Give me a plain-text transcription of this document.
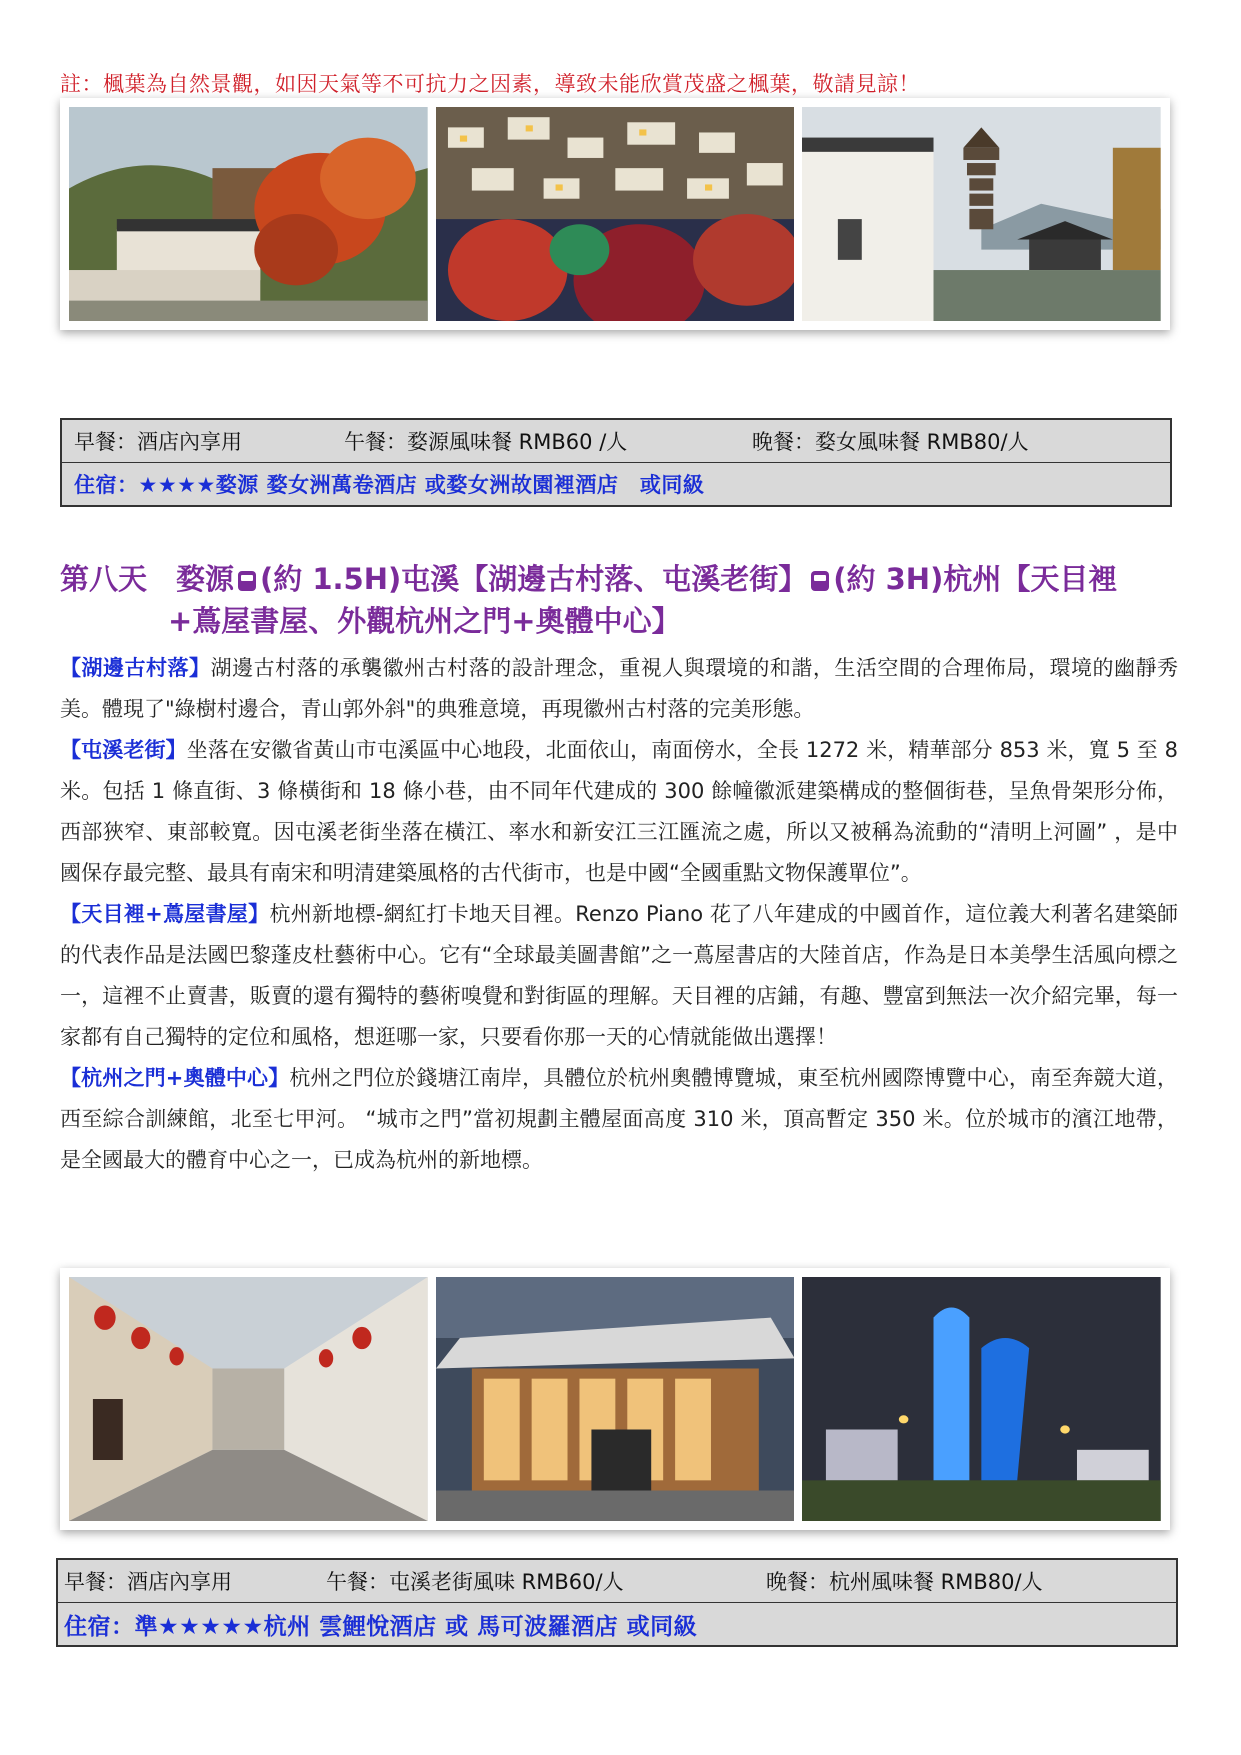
註：楓葉為自然景觀，如因天氣等不可抗力之因素，導致未能欣賞茂盛之楓葉，敬請見諒！
早餐：酒店內享用	午餐：婺源風味餐 RMB60 /人	晚餐：婺女風味餐 RMB80/人
住宿：★★★★婺源 婺女洲萬卷酒店 或婺女洲故園裡酒店　或同級
第八天　婺源 (約 1.5H)屯溪【湖邊古村落、屯溪老街】 (約 3H)杭州【天目裡
+蔦屋書屋、外觀杭州之門+奧體中心】

【湖邊古村落】湖邊古村落的承襲徽州古村落的設計理念，重視人與環境的和諧，生活空間的合理佈局，環境的幽靜秀美。體現了"綠樹村邊合，青山郭外斜"的典雅意境，再現徽州古村落的完美形態。

【屯溪老街】坐落在安徽省黃山市屯溪區中心地段，北面依山，南面傍水，全長 1272 米，精華部分 853 米，寬 5 至 8 米。包括 1 條直街、3 條橫街和 18 條小巷，由不同年代建成的 300 餘幢徽派建築構成的整個街巷，呈魚骨架形分佈，西部狹窄、東部較寬。因屯溪老街坐落在橫江、率水和新安江三江匯流之處，所以又被稱為流動的“清明上河圖” ，是中國保存最完整、最具有南宋和明清建築風格的古代街市，也是中國“全國重點文物保護單位”。

【天目裡+蔦屋書屋】杭州新地標-網紅打卡地天目裡。Renzo Piano 花了八年建成的中國首作，這位義大利著名建築師的代表作品是法國巴黎蓬皮杜藝術中心。它有“全球最美圖書館”之一蔦屋書店的大陸首店，作為是日本美學生活風向標之一，這裡不止賣書，販賣的還有獨特的藝術嗅覺和對街區的理解。天目裡的店鋪，有趣、豐富到無法一次介紹完畢，每一家都有自己獨特的定位和風格，想逛哪一家，只要看你那一天的心情就能做出選擇！

【杭州之門+奧體中心】杭州之門位於錢塘江南岸，具體位於杭州奧體博覽城，東至杭州國際博覽中心，南至奔競大道，西至綜合訓練館，北至七甲河。 “城市之門”當初規劃主體屋面高度 310 米，頂高暫定 350 米。位於城市的濱江地帶，是全國最大的體育中心之一，已成為杭州的新地標。

早餐：酒店內享用	午餐：屯溪老街風味 RMB60/人	晚餐：杭州風味餐 RMB80/人
住宿：準★★★★★杭州 雲鯉悅酒店 或 馬可波羅酒店 或同級
